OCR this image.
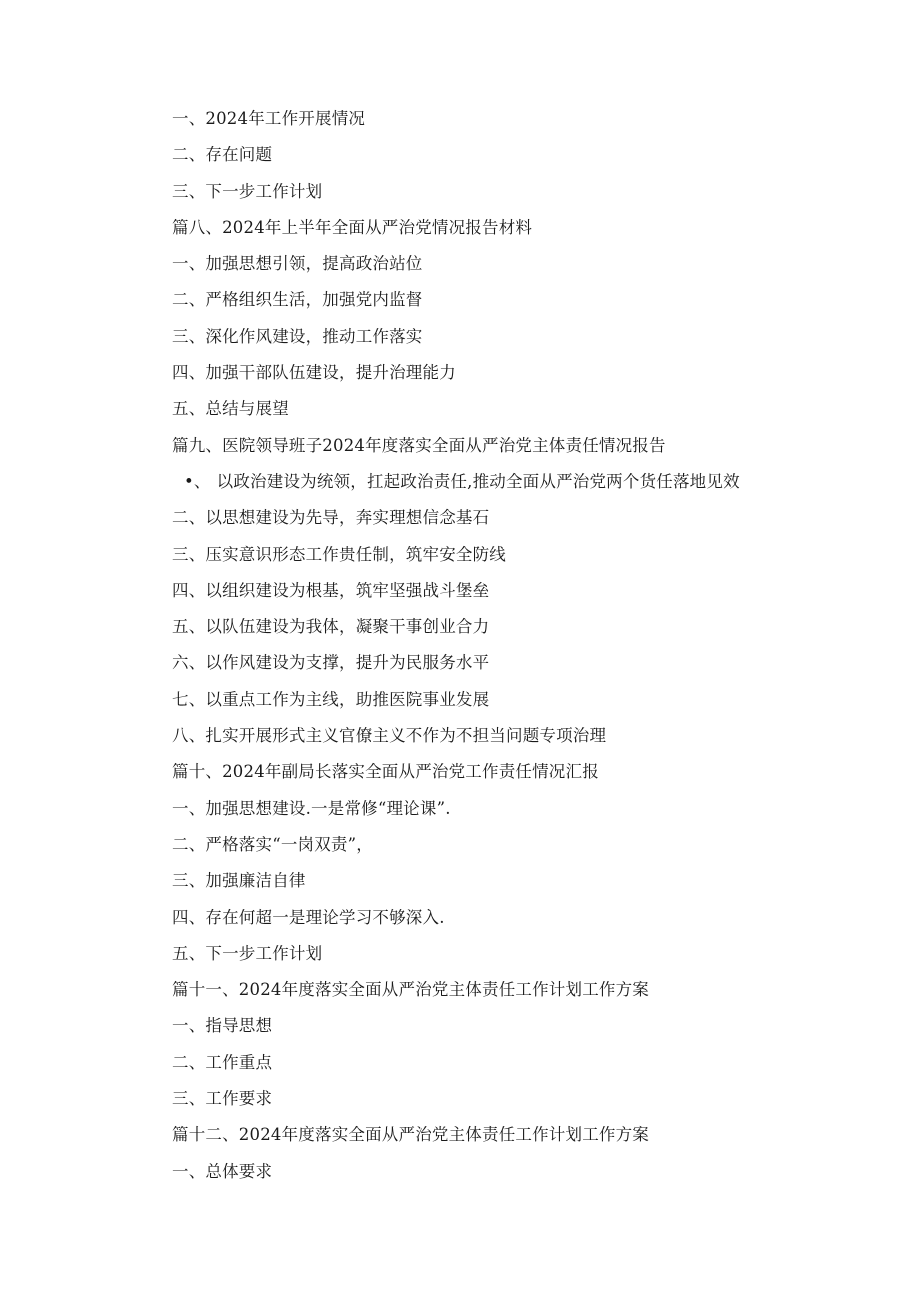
一、2024年工作开展情况
二、存在问题
三、下一步工作计划
篇八、2024年上半年全面从严治党情况报告材料
一、加强思想引领，提高政治站位
二、严格组织生活，加强党内监督
三、深化作风建设，推动工作落实
四、加强干部队伍建设，提升治理能力
五、总结与展望
篇九、医院领导班子2024年度落实全面从严治党主体责任情况报告
•、 以政治建设为统领，扛起政治责任,推动全面从严治党两个货任落地见效
二、以思想建设为先导，奔实理想信念基石
三、压实意识形态工作贵任制，筑牢安全防线
四、以组织建设为根基，筑牢坚强战斗堡垒
五、以队伍建设为我体，凝聚干事创业合力
六、以作风建设为支撑，提升为民服务水平
七、以重点工作为主线，助推医院事业发展
八、扎实开展形式主义官僚主义不作为不担当问题专项治理
篇十、2024年副局长落实全面从严治党工作责任情况汇报
一、加强思想建设.一是常修“理论课”.
二、严格落实“一岗双责”，
三、加强廉洁自律
四、存在何超一是理论学习不够深入.
五、下一步工作计划
篇十一、2024年度落实全面从严治党主体责任工作计划工作方案
一、指导思想
二、工作重点
三、工作要求
篇十二、2024年度落实全面从严治党主体责任工作计划工作方案
一、总体要求
